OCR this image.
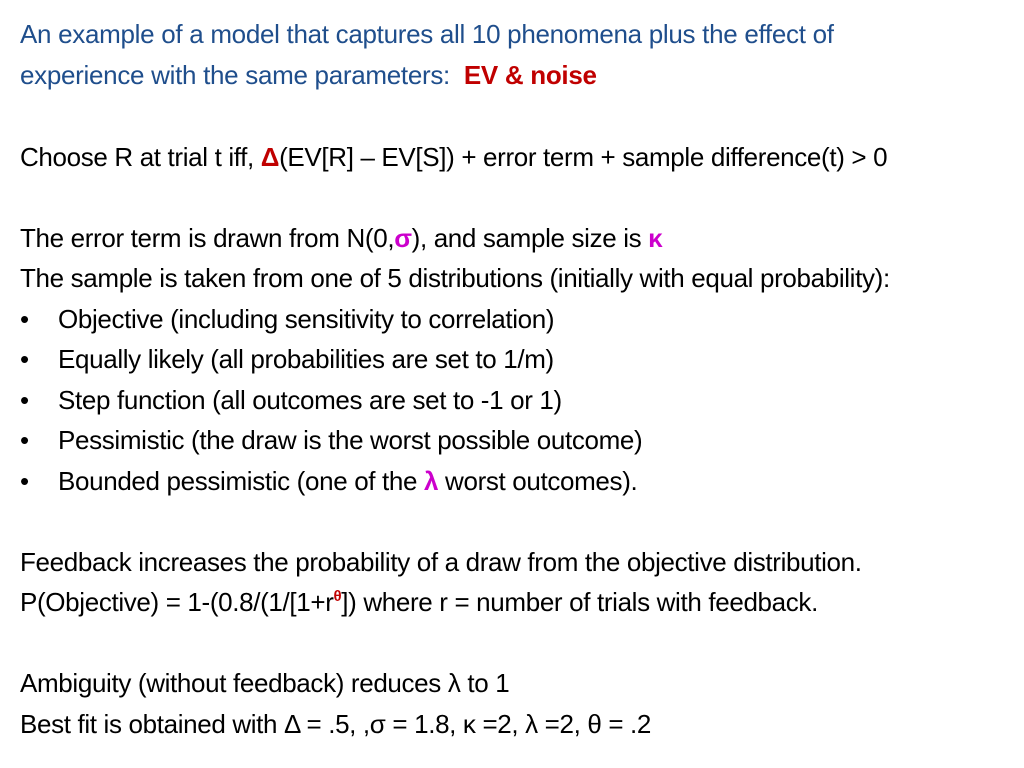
An example of a model that captures all 10 phenomena plus the effect of
experience with the same parameters: EV & noise

Choose R at trial t iff, Δ(EV[R] – EV[S]) + error term + sample difference(t) > 0

The error term is drawn from N(0,σ), and sample size is κ

The sample is taken from one of 5 distributions (initially with equal probability):

• Objective (including sensitivity to correlation)
• Equally likely (all probabilities are set to 1/m)
• Step function (all outcomes are set to -1 or 1)
• Pessimistic (the draw is the worst possible outcome)
• Bounded pessimistic (one of the λ worst outcomes).

Feedback increases the probability of a draw from the objective distribution.

P(Objective) = $1-(0.8/(1/[1+r^\theta])$ where r = number of trials with feedback.

Ambiguity (without feedback) reduces λ to 1

Best fit is obtained with Δ = .5, ,σ = 1.8, κ =2, λ =2, θ = .2
